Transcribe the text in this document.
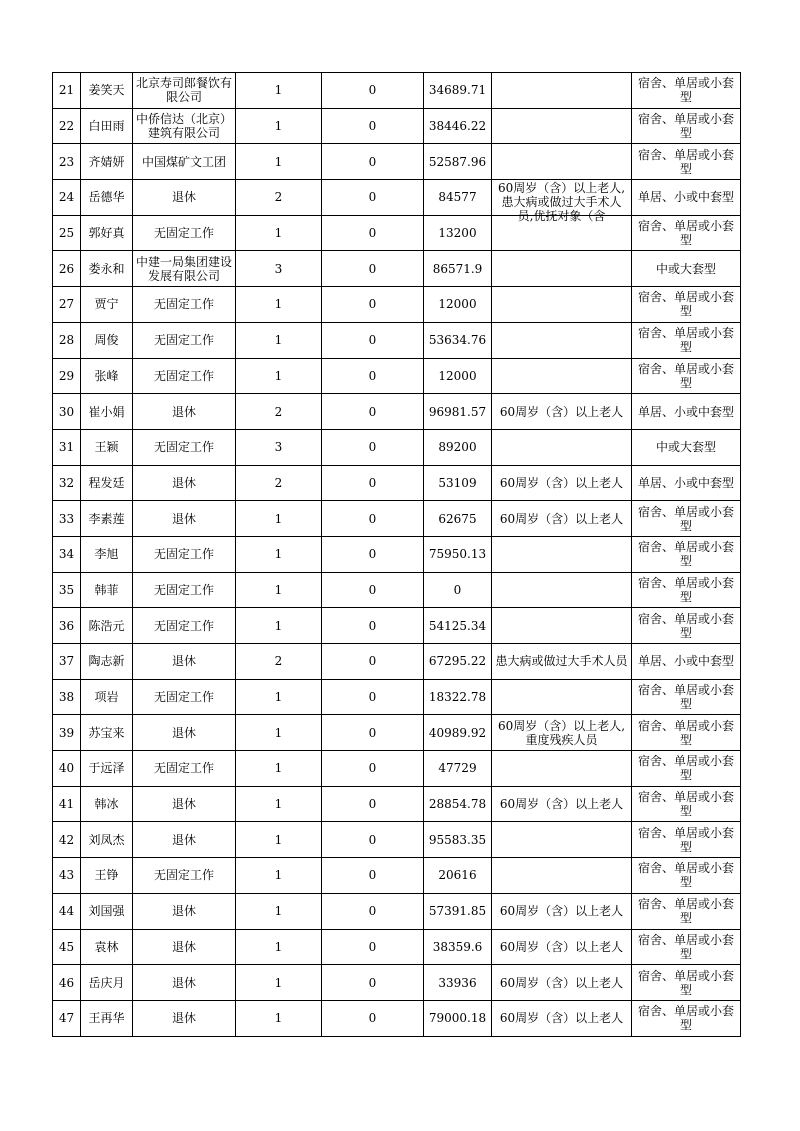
21	姜笑天	北京寿司郎餐饮有限公司	1	0	34689.71		宿舍、单居或小套型	

22	白田雨	中侨信达（北京）建筑有限公司	1	0	38446.22		宿舍、单居或小套型	

23	齐婧妍	中国煤矿文工团	1	0	52587.96		宿舍、单居或小套型	

24	岳德华	退休	2	0	84577	60周岁（含）以上老人,患大病或做过大手术人员,优抚对象（含	单居、小或中套型	

25	郭好真	无固定工作	1	0	13200		宿舍、单居或小套型	

26	娄永和	中建一局集团建设发展有限公司	3	0	86571.9		中或大套型	

27	贾宁	无固定工作	1	0	12000		宿舍、单居或小套型	

28	周俊	无固定工作	1	0	53634.76		宿舍、单居或小套型	

29	张峰	无固定工作	1	0	12000		宿舍、单居或小套型	

30	崔小娟	退休	2	0	96981.57	60周岁（含）以上老人	单居、小或中套型	

31	王颖	无固定工作	3	0	89200		中或大套型	

32	程发廷	退休	2	0	53109	60周岁（含）以上老人	单居、小或中套型	

33	李素莲	退休	1	0	62675	60周岁（含）以上老人	宿舍、单居或小套型	

34	李旭	无固定工作	1	0	75950.13		宿舍、单居或小套型	

35	韩菲	无固定工作	1	0	0		宿舍、单居或小套型	

36	陈浩元	无固定工作	1	0	54125.34		宿舍、单居或小套型	

37	陶志新	退休	2	0	67295.22	患大病或做过大手术人员	单居、小或中套型	

38	项岩	无固定工作	1	0	18322.78		宿舍、单居或小套型	

39	苏宝来	退休	1	0	40989.92	60周岁（含）以上老人,重度残疾人员	宿舍、单居或小套型	

40	于远泽	无固定工作	1	0	47729		宿舍、单居或小套型	

41	韩冰	退休	1	0	28854.78	60周岁（含）以上老人	宿舍、单居或小套型	

42	刘凤杰	退休	1	0	95583.35		宿舍、单居或小套型	

43	王铮	无固定工作	1	0	20616		宿舍、单居或小套型	

44	刘国强	退休	1	0	57391.85	60周岁（含）以上老人	宿舍、单居或小套型	

45	袁林	退休	1	0	38359.6	60周岁（含）以上老人	宿舍、单居或小套型	

46	岳庆月	退休	1	0	33936	60周岁（含）以上老人	宿舍、单居或小套型	

47	王再华	退休	1	0	79000.18	60周岁（含）以上老人	宿舍、单居或小套型	
